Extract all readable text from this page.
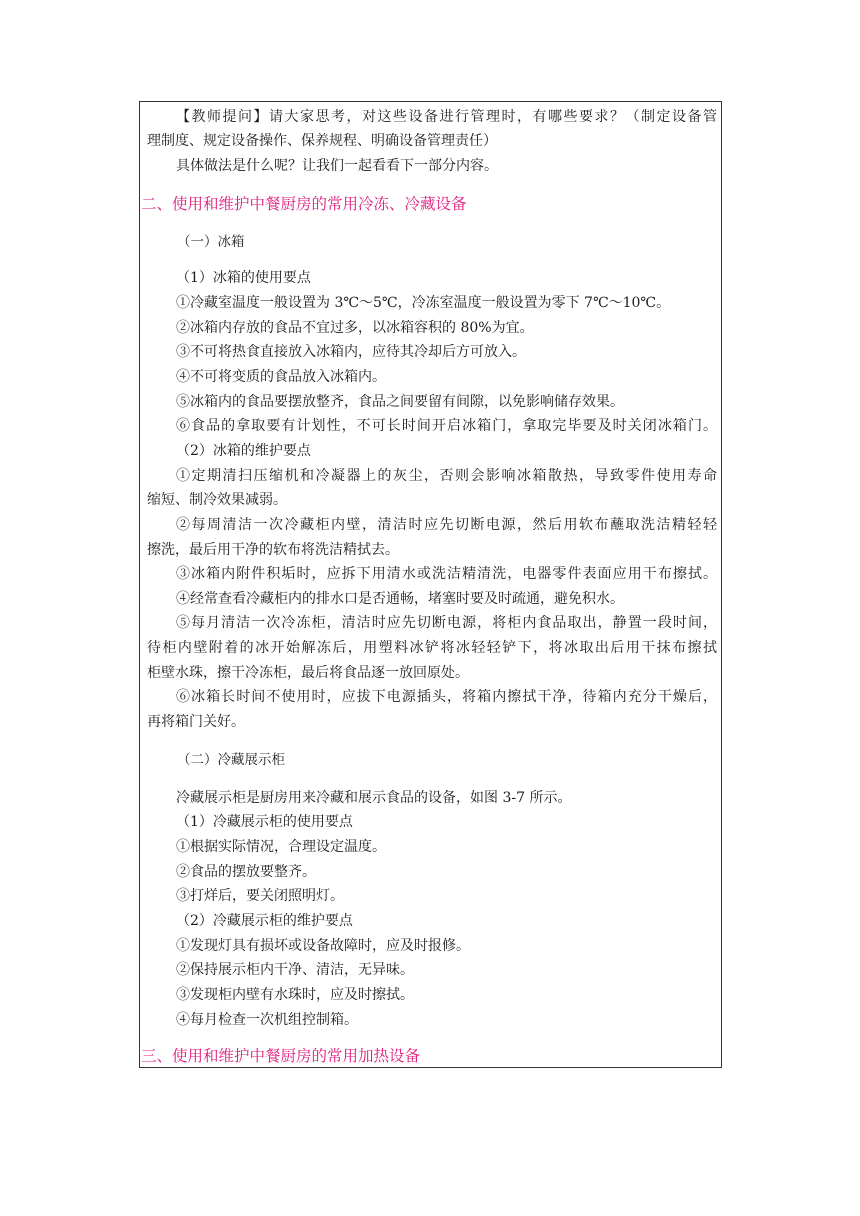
【教师提问】请大家思考，对这些设备进行管理时，有哪些要求？（制定设备管
理制度、规定设备操作、保养规程、明确设备管理责任）
具体做法是什么呢？让我们一起看看下一部分内容。
二、使用和维护中餐厨房的常用冷冻、冷藏设备
（一）冰箱
（1）冰箱的使用要点
①冷藏室温度一般设置为 3℃～5℃，冷冻室温度一般设置为零下 7℃～10℃。
②冰箱内存放的食品不宜过多，以冰箱容积的 80%为宜。
③不可将热食直接放入冰箱内，应待其冷却后方可放入。
④不可将变质的食品放入冰箱内。
⑤冰箱内的食品要摆放整齐，食品之间要留有间隙，以免影响储存效果。
⑥食品的拿取要有计划性，不可长时间开启冰箱门，拿取完毕要及时关闭冰箱门。
（2）冰箱的维护要点
①定期清扫压缩机和冷凝器上的灰尘，否则会影响冰箱散热，导致零件使用寿命
缩短、制冷效果减弱。
②每周清洁一次冷藏柜内壁，清洁时应先切断电源，然后用软布蘸取洗洁精轻轻
擦洗，最后用干净的软布将洗洁精拭去。
③冰箱内附件积垢时，应拆下用清水或洗洁精清洗，电器零件表面应用干布擦拭。
④经常查看冷藏柜内的排水口是否通畅，堵塞时要及时疏通，避免积水。
⑤每月清洁一次冷冻柜，清洁时应先切断电源，将柜内食品取出，静置一段时间，
待柜内壁附着的冰开始解冻后，用塑料冰铲将冰轻轻铲下，将冰取出后用干抹布擦拭
柜壁水珠，擦干冷冻柜，最后将食品逐一放回原处。
⑥冰箱长时间不使用时，应拔下电源插头，将箱内擦拭干净，待箱内充分干燥后，
再将箱门关好。
（二）冷藏展示柜
冷藏展示柜是厨房用来冷藏和展示食品的设备，如图 3-7 所示。
（1）冷藏展示柜的使用要点
①根据实际情况，合理设定温度。
②食品的摆放要整齐。
③打烊后，要关闭照明灯。
（2）冷藏展示柜的维护要点
①发现灯具有损坏或设备故障时，应及时报修。
②保持展示柜内干净、清洁，无异味。
③发现柜内壁有水珠时，应及时擦拭。
④每月检查一次机组控制箱。
三、使用和维护中餐厨房的常用加热设备
